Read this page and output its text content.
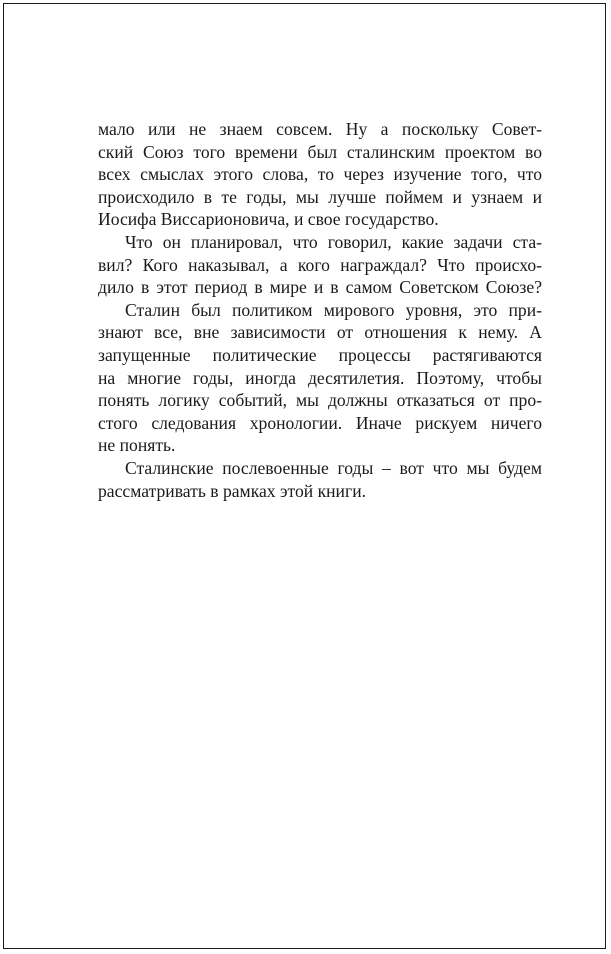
мало или не знаем совсем. Ну а поскольку Совет-
ский Союз того времени был сталинским проектом во
всех смыслах этого слова, то через изучение того, что
происходило в те годы, мы лучше поймем и узнаем и
Иосифа Виссарионовича, и свое государство.
Что он планировал, что говорил, какие задачи ста-
вил? Кого наказывал, а кого награждал? Что происхо-
дило в этот период в мире и в самом Советском Союзе?
Сталин был политиком мирового уровня, это при-
знают все, вне зависимости от отношения к нему. А
запущенные политические процессы растягиваются
на многие годы, иногда десятилетия. Поэтому, чтобы
понять логику событий, мы должны отказаться от про-
стого следования хронологии. Иначе рискуем ничего
не понять.
Сталинские послевоенные годы – вот что мы будем
рассматривать в рамках этой книги.
